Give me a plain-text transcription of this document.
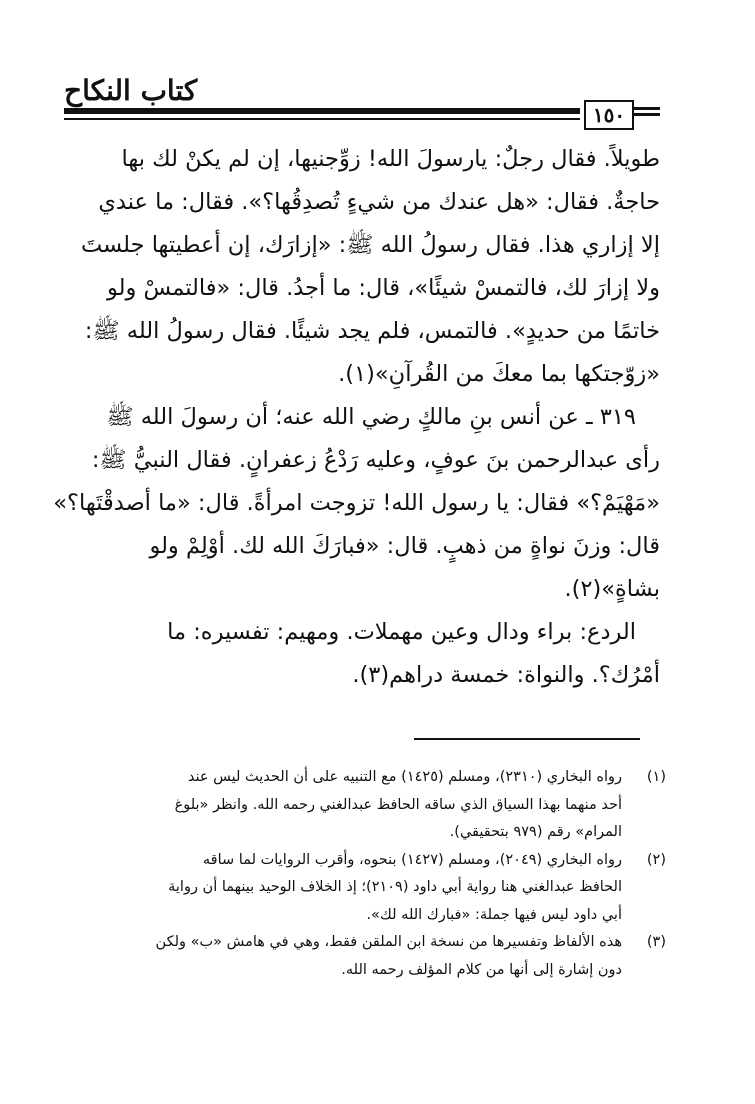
كتاب النكاح
١٥٠
طويلاً. فقال رجلٌ: يارسولَ الله! زوِّجنيها، إن لم يكنْ لك بها
حاجةٌ. فقال: «هل عندك من شيءٍ تُصدِقُها؟». فقال: ما عندي
إلا إزاري هذا. فقال رسولُ الله ﷺ: «إزارَك، إن أعطيتها جلستَ
ولا إزارَ لك، فالتمسْ شيئًا»، قال: ما أجدُ. قال: «فالتمسْ ولو
خاتمًا من حديدٍ». فالتمس، فلم يجد شيئًا. فقال رسولُ الله ﷺ:
«زوّجتكها بما معكَ من القُرآنِ»(١).
٣١٩ ـ عن أنس بنِ مالكٍ رضي الله عنه؛ أن رسولَ الله ﷺ
رأى عبدالرحمن بنَ عوفٍ، وعليه رَدْعُ زعفرانٍ. فقال النبيُّ ﷺ:
«مَهْيَمْ؟» فقال: يا رسول الله! تزوجت امرأةً. قال: «ما أصدقْتَها؟»
قال: وزنَ نواةٍ من ذهبٍ. قال: «فبارَكَ الله لك. أوْلِمْ ولو
بشاةٍ»(٢).
الردع: براء ودال وعين مهملات. ومهيم: تفسيره: ما
أمْرُك؟. والنواة: خمسة دراهم(٣).
(١)
رواه البخاري (٢٣١٠)، ومسلم (١٤٢٥) مع التنبيه على أن الحديث ليس عند
أحد منهما بهذا السياق الذي ساقه الحافظ عبدالغني رحمه الله. وانظر «بلوغ
المرام» رقم (٩٧٩ بتحقيقي).
(٢)
رواه البخاري (٢٠٤٩)، ومسلم (١٤٢٧) بنحوه، وأقرب الروايات لما ساقه
الحافظ عبدالغني هنا رواية أبي داود (٢١٠٩)؛ إذ الخلاف الوحيد بينهما أن رواية
أبي داود ليس فيها جملة: «فبارك الله لك».
(٣)
هذه الألفاظ وتفسيرها من نسخة ابن الملقن فقط، وهي في هامش «ب» ولكن
دون إشارة إلى أنها من كلام المؤلف رحمه الله.
